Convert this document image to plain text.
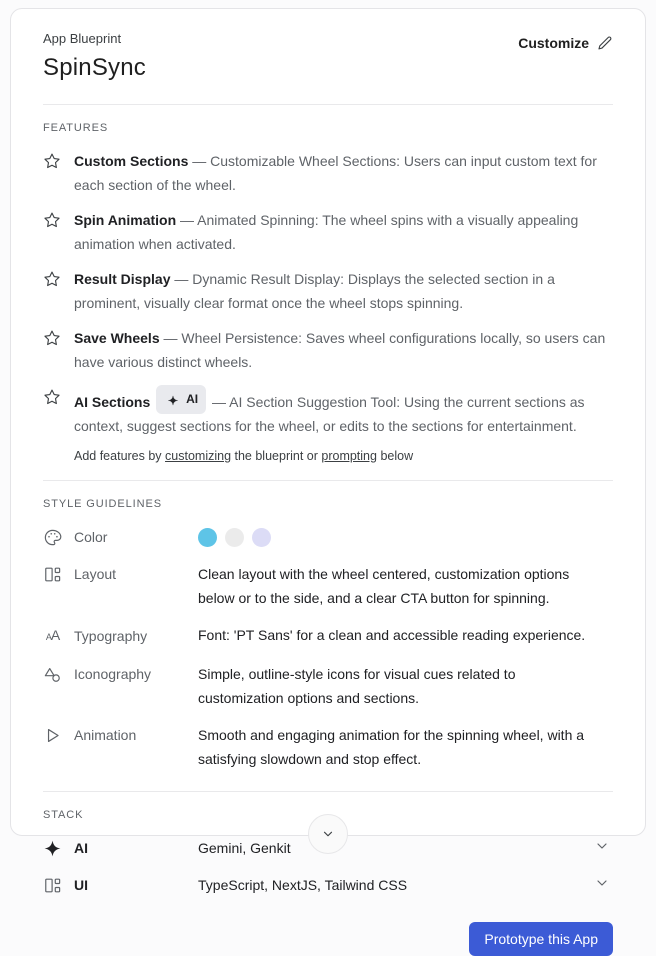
App Blueprint
SpinSync
Customize
FEATURES
Custom Sections — Customizable Wheel Sections: Users can input custom text for each section of the wheel.
Spin Animation — Animated Spinning: The wheel spins with a visually appealing animation when activated.
Result Display — Dynamic Result Display: Displays the selected section in a prominent, visually clear format once the wheel stops spinning.
Save Wheels — Wheel Persistence: Saves wheel configurations locally, so users can have various distinct wheels.
AI Sections	AI — AI Section Suggestion Tool: Using the current sections as context, suggest sections for the wheel, or edits to the sections for entertainment.

Add features by customizing the blueprint or prompting below

STYLE GUIDELINES
Color
Layout	Clean layout with the wheel centered, customization options below or to the side, and a clear CTA button for spinning.
AA Typography	Font: 'PT Sans' for a clean and accessible reading experience.
Iconography	Simple, outline-style icons for visual cues related to customization options and sections.
Animation	Smooth and engaging animation for the spinning wheel, with a satisfying slowdown and stop effect.
STACK
AI	Gemini, Genkit
UI	TypeScript, NextJS, Tailwind CSS
Prototype this App
